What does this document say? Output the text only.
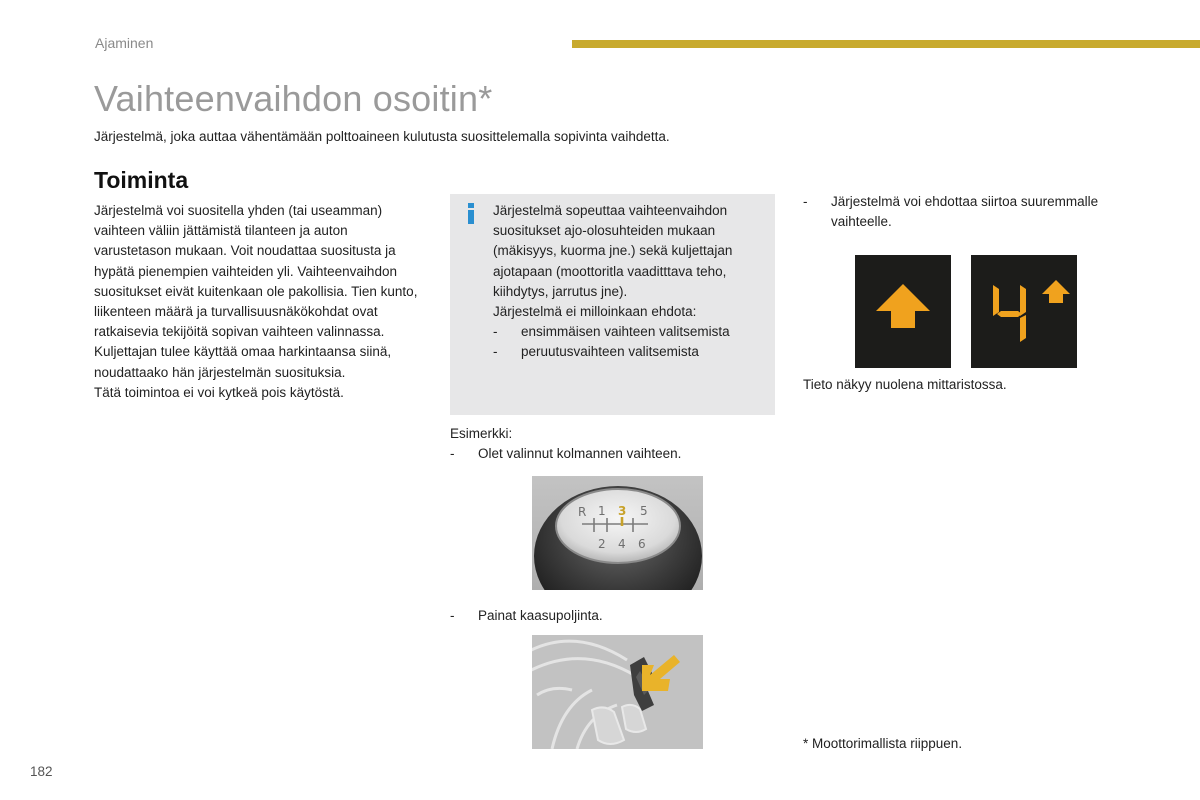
Ajaminen
Vaihteenvaihdon osoitin*
Järjestelmä, joka auttaa vähentämään polttoaineen kulutusta suosittelemalla sopivinta vaihdetta.
Toiminta

Järjestelmä voi suositella yhden (tai useamman) vaihteen väliin jättämistä tilanteen ja auton varustetason mukaan. Voit noudattaa suositusta ja hypätä pienempien vaihteiden yli. Vaihteenvaihdon suositukset eivät kuitenkaan ole pakollisia. Tien kunto, liikenteen määrä ja turvallisuusnäkökohdat ovat ratkaisevia tekijöitä sopivan vaihteen valinnassa. Kuljettajan tulee käyttää omaa harkintaansa siinä, noudattaako hän järjestelmän suosituksia.

Tätä toimintoa ei voi kytkeä pois käytöstä.

Järjestelmä sopeuttaa vaihteenvaihdon suositukset ajo-olosuhteiden mukaan (mäkisyys, kuorma jne.) sekä kuljettajan ajotapaan (moottoritla vaaditttava teho, kiihdytys, jarrutus jne).

Järjestelmä ei milloinkaan ehdota:

-	ensimmäisen vaihteen valitsemista
-	peruutusvaihteen valitsemista

Esimerkki:

-	Olet valinnut kolmannen vaihteen.
R 1 3 5
2 4 6
-	Painat kaasupoljinta.
-	Järjestelmä voi ehdottaa siirtoa suuremmalle vaihteelle.
Tieto näkyy nuolena mittaristossa.
* Moottorimallista riippuen.
182
